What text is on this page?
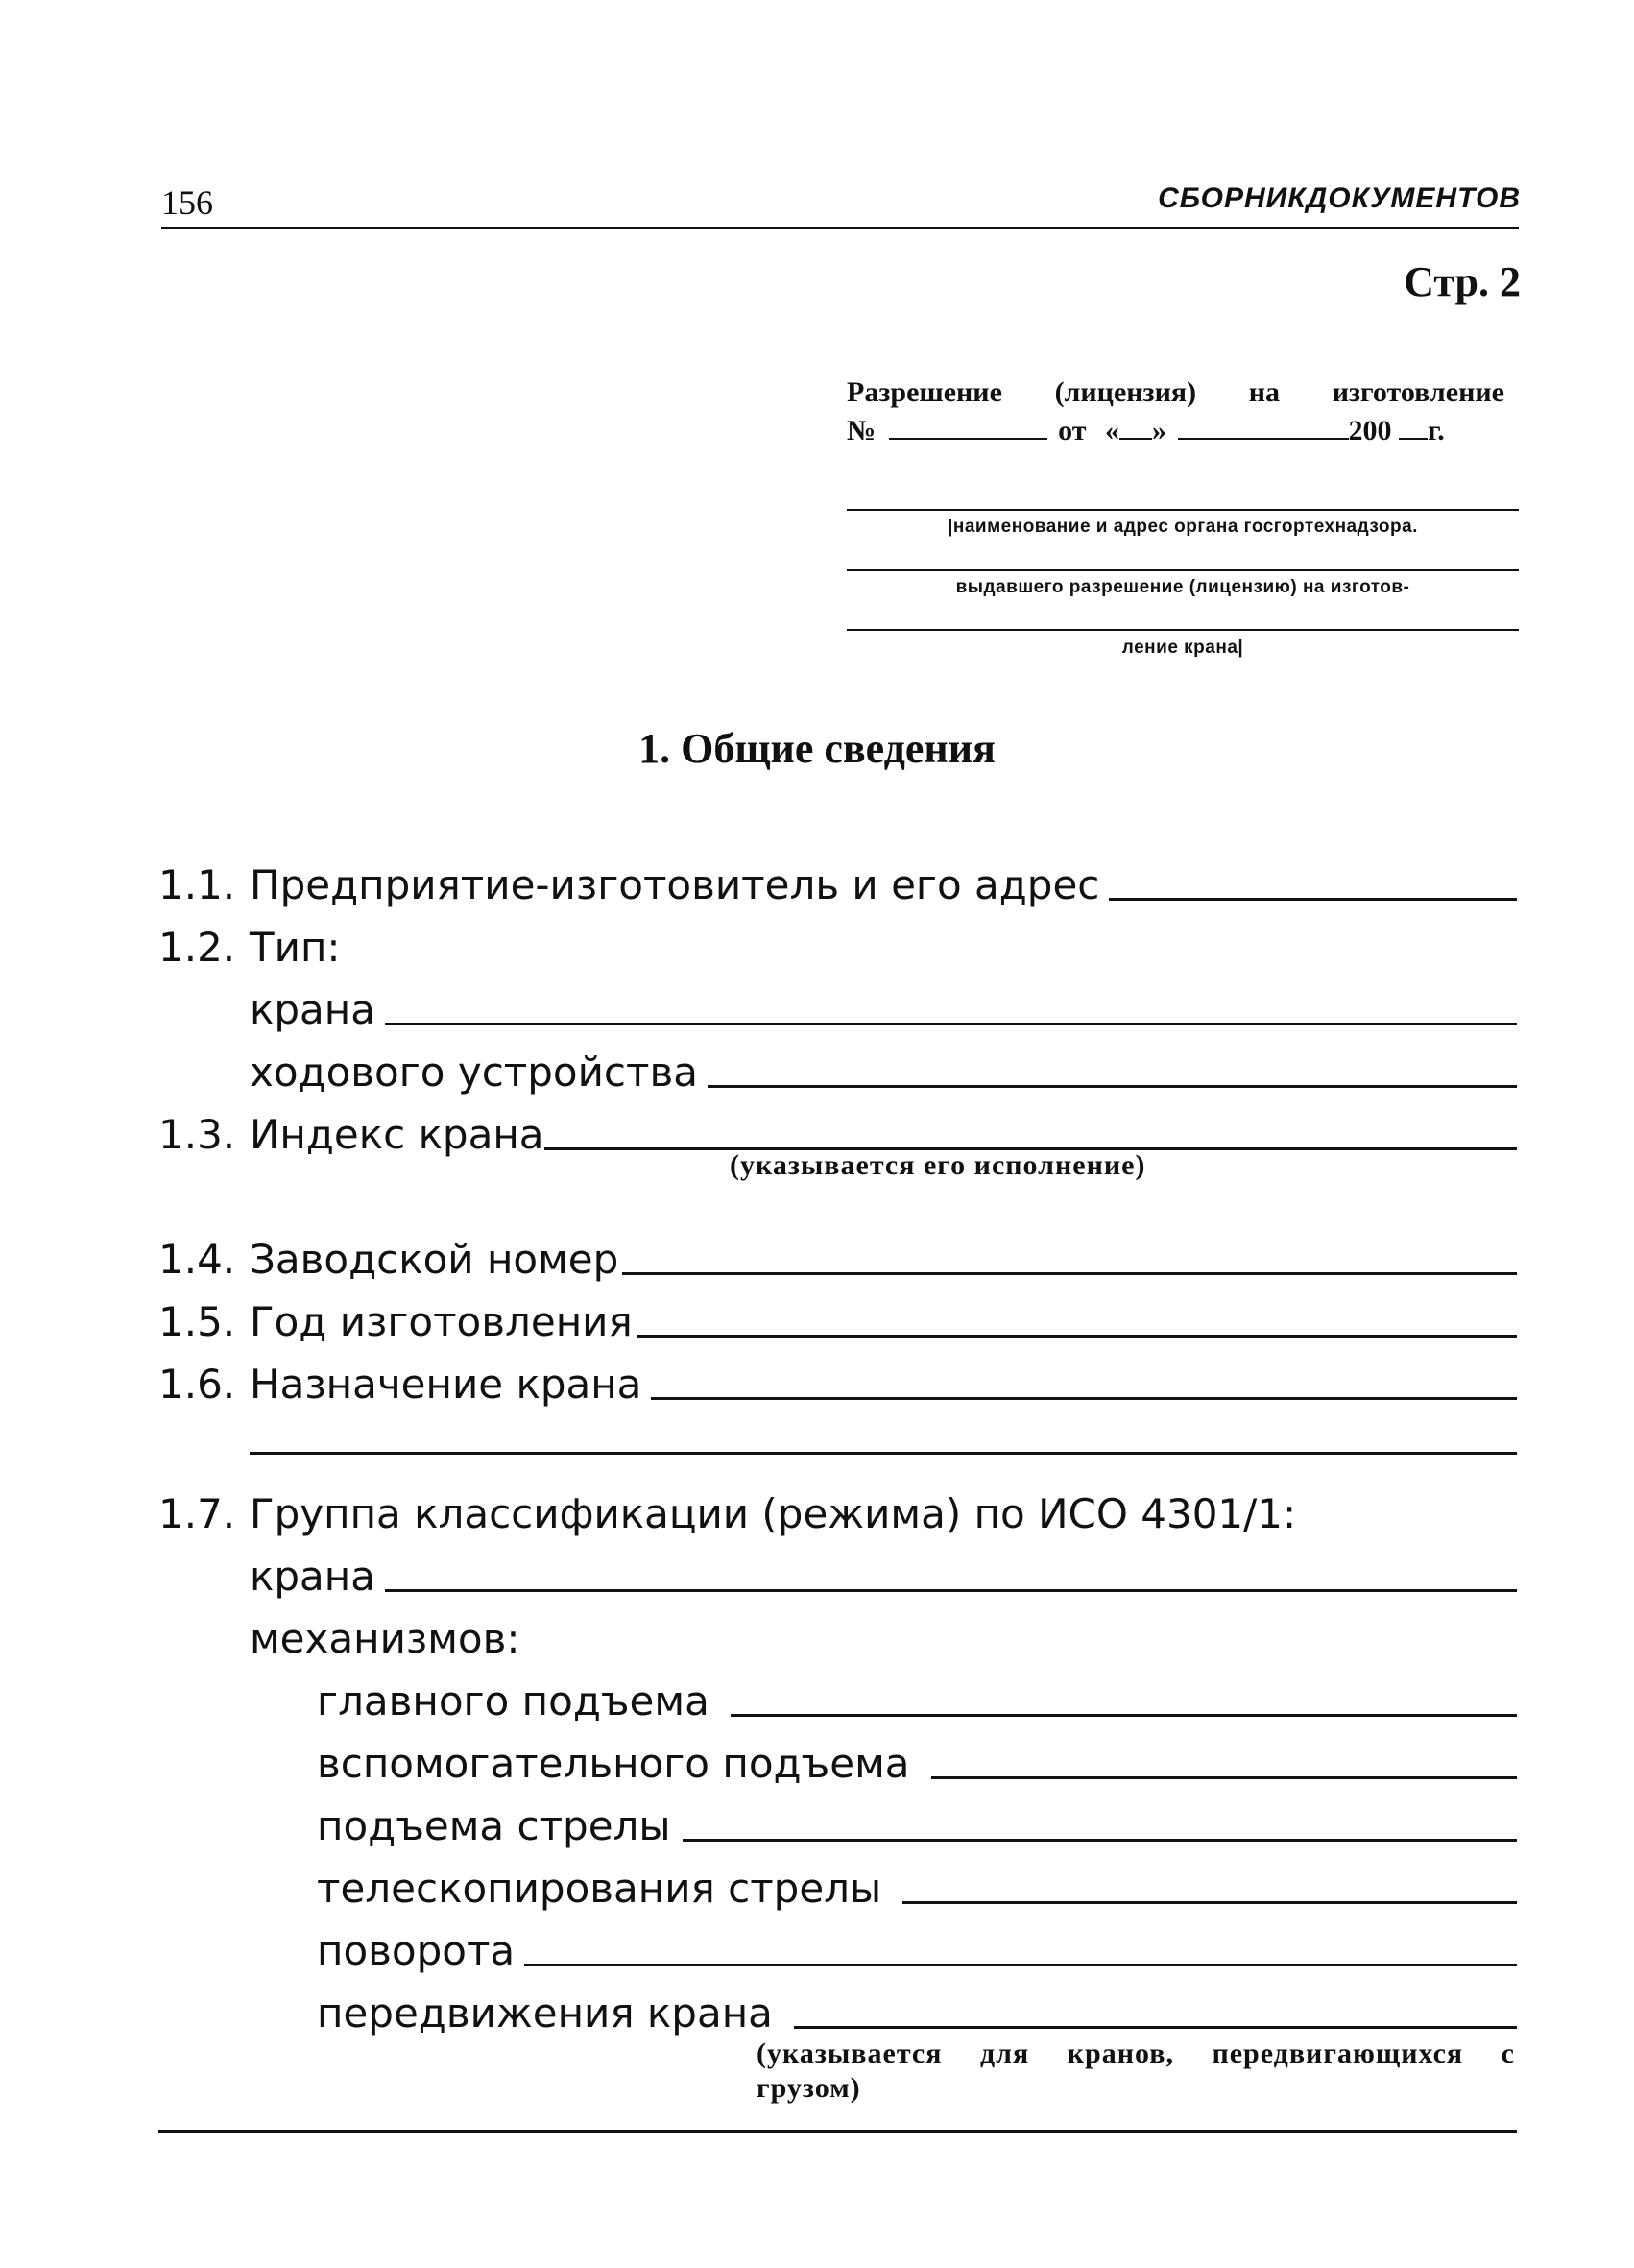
156	СБОРНИКДОКУМЕНТОВ
Стр. 2
Разрешение (лицензия) на изготовление
№	от « »	200 г.
|наименование и адрес органа госгортехнадзора.
выдавшего разрешение (лицензию) на изготов-
ление крана|
1. Общие сведения
1.1. Предприятие-изготовитель и его адрес
1.2. Тип:
крана
ходового устройства
1.3. Индекс крана
(указывается его исполнение)
1.4. Заводской номер
1.5. Год изготовления
1.6. Назначение крана
1.7. Группа классификации (режима) по ИСО 4301/1:
крана
механизмов:
главного подъема
вспомогательного подъема
подъема стрелы
телескопирования стрелы
поворота
передвижения крана
(указывается для кранов, передвигающихся с
грузом)
